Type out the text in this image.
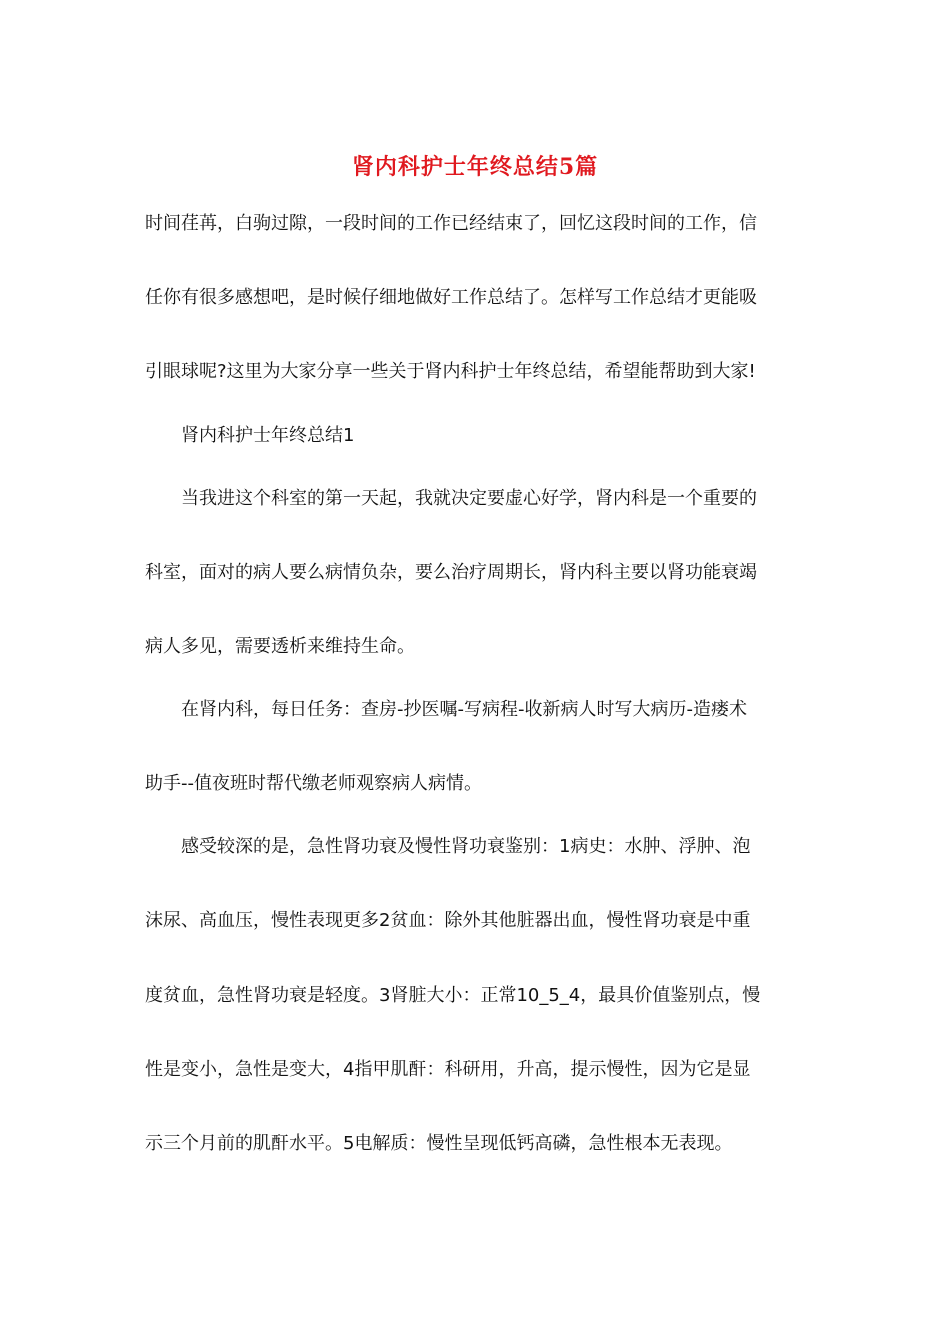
肾内科护士年终总结5篇
时间荏苒，白驹过隙，一段时间的工作已经结束了，回忆这段时间的工作，信
任你有很多感想吧，是时候仔细地做好工作总结了。怎样写工作总结才更能吸
引眼球呢?这里为大家分享一些关于肾内科护士年终总结，希望能帮助到大家!
肾内科护士年终总结1
当我进这个科室的第一天起，我就决定要虚心好学，肾内科是一个重要的
科室，面对的病人要么病情负杂，要么治疗周期长，肾内科主要以肾功能衰竭
病人多见，需要透析来维持生命。
在肾内科，每日任务：查房-抄医嘱-写病程-收新病人时写大病历-造瘘术
助手--值夜班时帮代缴老师观察病人病情。
感受较深的是，急性肾功衰及慢性肾功衰鉴别：1病史：水肿、浮肿、泡
沫尿、高血压，慢性表现更多2贫血：除外其他脏器出血，慢性肾功衰是中重
度贫血，急性肾功衰是轻度。3肾脏大小：正常10_5_4，最具价值鉴别点，慢
性是变小，急性是变大，4指甲肌酐：科研用，升高，提示慢性，因为它是显
示三个月前的肌酐水平。5电解质：慢性呈现低钙高磷，急性根本无表现。
